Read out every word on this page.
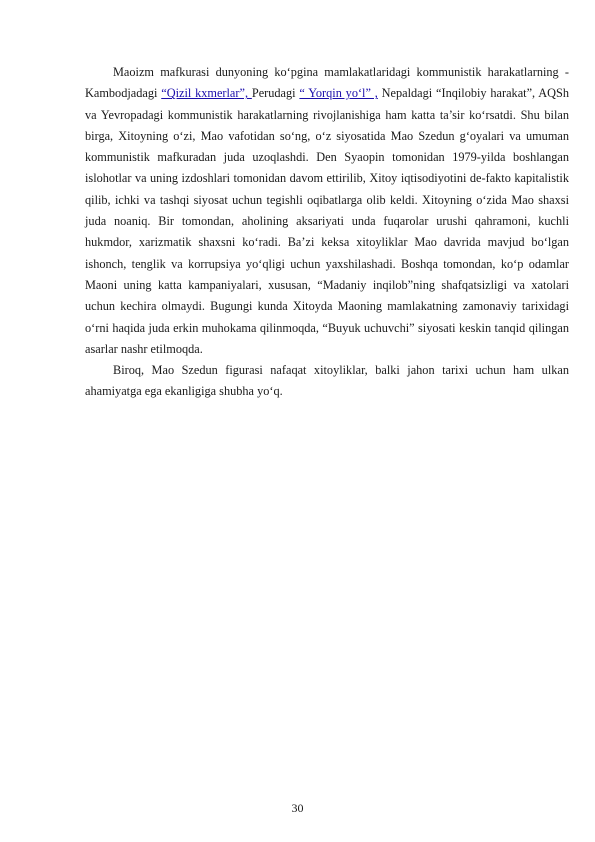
Maoizm mafkurasi dunyoning ko‘pgina mamlakatlaridagi kommunistik harakatlarning - Kambodjadagi “Qizil kxmerlar”, Perudagi “ Yorqin yo‘l” , Nepaldagi “Inqilobiy harakat”, AQSh va Yevropadagi kommunistik harakatlarning rivojlanishiga ham katta ta’sir ko‘rsatdi. Shu bilan birga, Xitoyning o‘zi, Mao vafotidan so‘ng, o‘z siyosatida Mao Szedun g‘oyalari va umuman kommunistik mafkuradan juda uzoqlashdi. Den Syaopin tomonidan 1979-yilda boshlangan islohotlar va uning izdoshlari tomonidan davom ettirilib, Xitoy iqtisodiyotini de-fakto kapitalistik qilib, ichki va tashqi siyosat uchun tegishli oqibatlarga olib keldi. Xitoyning o‘zida Mao shaxsi juda noaniq. Bir tomondan, aholining aksariyati unda fuqarolar urushi qahramoni, kuchli hukmdor, xarizmatik shaxsni ko‘radi. Ba’zi keksa xitoyliklar Mao davrida mavjud bo‘lgan ishonch, tenglik va korrupsiya yo‘qligi uchun yaxshilashadi. Boshqa tomondan, ko‘p odamlar Maoni uning katta kampaniyalari, xususan, “Madaniy inqilob”ning shafqatsizligi va xatolari uchun kechira olmaydi. Bugungi kunda Xitoyda Maoning mamlakatning zamonaviy tarixidagi o‘rni haqida juda erkin muhokama qilinmoqda, “Buyuk uchuvchi” siyosati keskin tanqid qilingan asarlar nashr etilmoqda.

Biroq, Mao Szedun figurasi nafaqat xitoyliklar, balki jahon tarixi uchun ham ulkan ahamiyatga ega ekanligiga shubha yo‘q.

30
